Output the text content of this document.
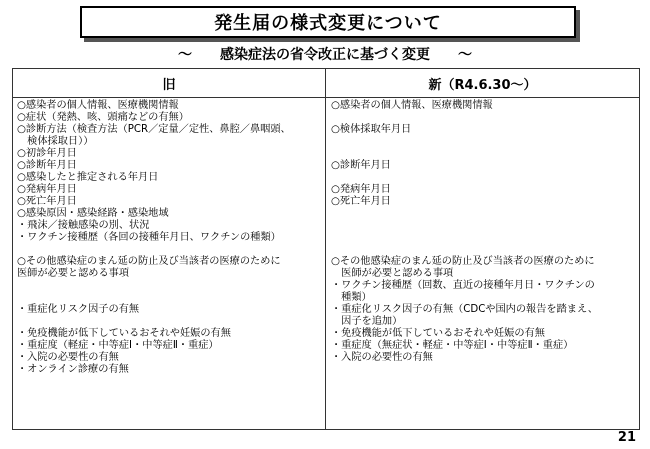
発生届の様式変更について
～ 感染症法の省令改正に基づく変更 ～
旧	新（R4.6.30～）
○感染者の個人情報、医療機関情報
○症状（発熱、咳、頭痛などの有無）
○診断方法（検査方法（PCR／定量／定性、鼻腔／鼻咽頭、
　検体採取日））
○初診年月日
○診断年月日
○感染したと推定される年月日
○発病年月日
○死亡年月日
○感染原因・感染経路・感染地域
・飛沫／接触感染の別、状況
・ワクチン接種歴（各回の接種年月日、ワクチンの種類）
○その他感染症のまん延の防止及び当該者の医療のために
医師が必要と認める事項
・重症化リスク因子の有無
・免疫機能が低下しているおそれや妊娠の有無
・重症度（軽症・中等症Ⅰ・中等症Ⅱ・重症）
・入院の必要性の有無
・オンライン診療の有無
○感染者の個人情報、医療機関情報
○検体採取年月日
○診断年月日
○発病年月日
○死亡年月日
○その他感染症のまん延の防止及び当該者の医療のために
　医師が必要と認める事項
・ワクチン接種歴（回数、直近の接種年月日・ワクチンの
　種類）
・重症化リスク因子の有無（CDCや国内の報告を踏まえ、
　因子を追加）
・免疫機能が低下しているおそれや妊娠の有無
・重症度（無症状・軽症・中等症Ⅰ・中等症Ⅱ・重症）
・入院の必要性の有無
21
